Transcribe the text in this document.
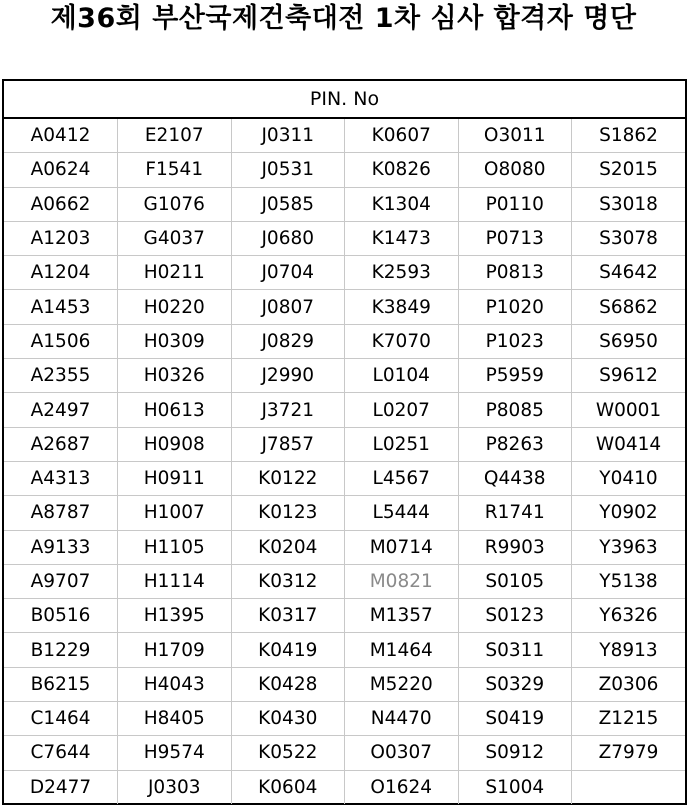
제36회 부산국제건축대전 1차 심사 합격자 명단
PIN. No
A0412	E2107	J0311	K0607	O3011	S1862
A0624	F1541	J0531	K0826	O8080	S2015
A0662	G1076	J0585	K1304	P0110	S3018
A1203	G4037	J0680	K1473	P0713	S3078
A1204	H0211	J0704	K2593	P0813	S4642
A1453	H0220	J0807	K3849	P1020	S6862
A1506	H0309	J0829	K7070	P1023	S6950
A2355	H0326	J2990	L0104	P5959	S9612
A2497	H0613	J3721	L0207	P8085	W0001
A2687	H0908	J7857	L0251	P8263	W0414
A4313	H0911	K0122	L4567	Q4438	Y0410
A8787	H1007	K0123	L5444	R1741	Y0902
A9133	H1105	K0204	M0714	R9903	Y3963
A9707	H1114	K0312	M0821	S0105	Y5138
B0516	H1395	K0317	M1357	S0123	Y6326
B1229	H1709	K0419	M1464	S0311	Y8913
B6215	H4043	K0428	M5220	S0329	Z0306
C1464	H8405	K0430	N4470	S0419	Z1215
C7644	H9574	K0522	O0307	S0912	Z7979
D2477	J0303	K0604	O1624	S1004	
